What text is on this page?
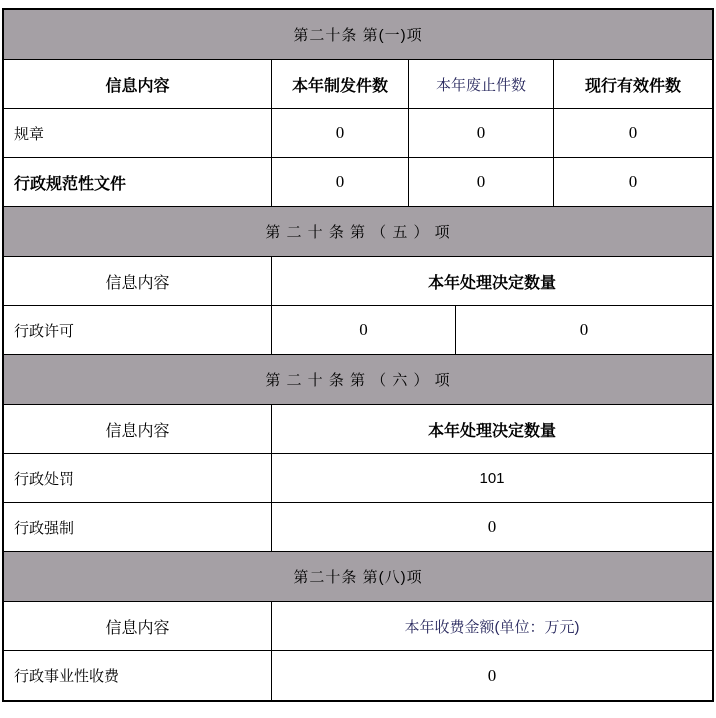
第二十条 第(一)项
信息内容	本年制发件数	本年废止件数	现行有效件数
规章	0	0	0
行政规范性文件	0	0	0
第 二 十 条 第 （ 五 ） 项
信息内容	本年处理决定数量
行政许可	0	0
第 二 十 条 第 （ 六 ） 项
信息内容	本年处理决定数量
行政处罚	101
行政强制	0
第二十条 第(八)项
信息内容	本年收费金额(单位：万元)
行政事业性收费	0
